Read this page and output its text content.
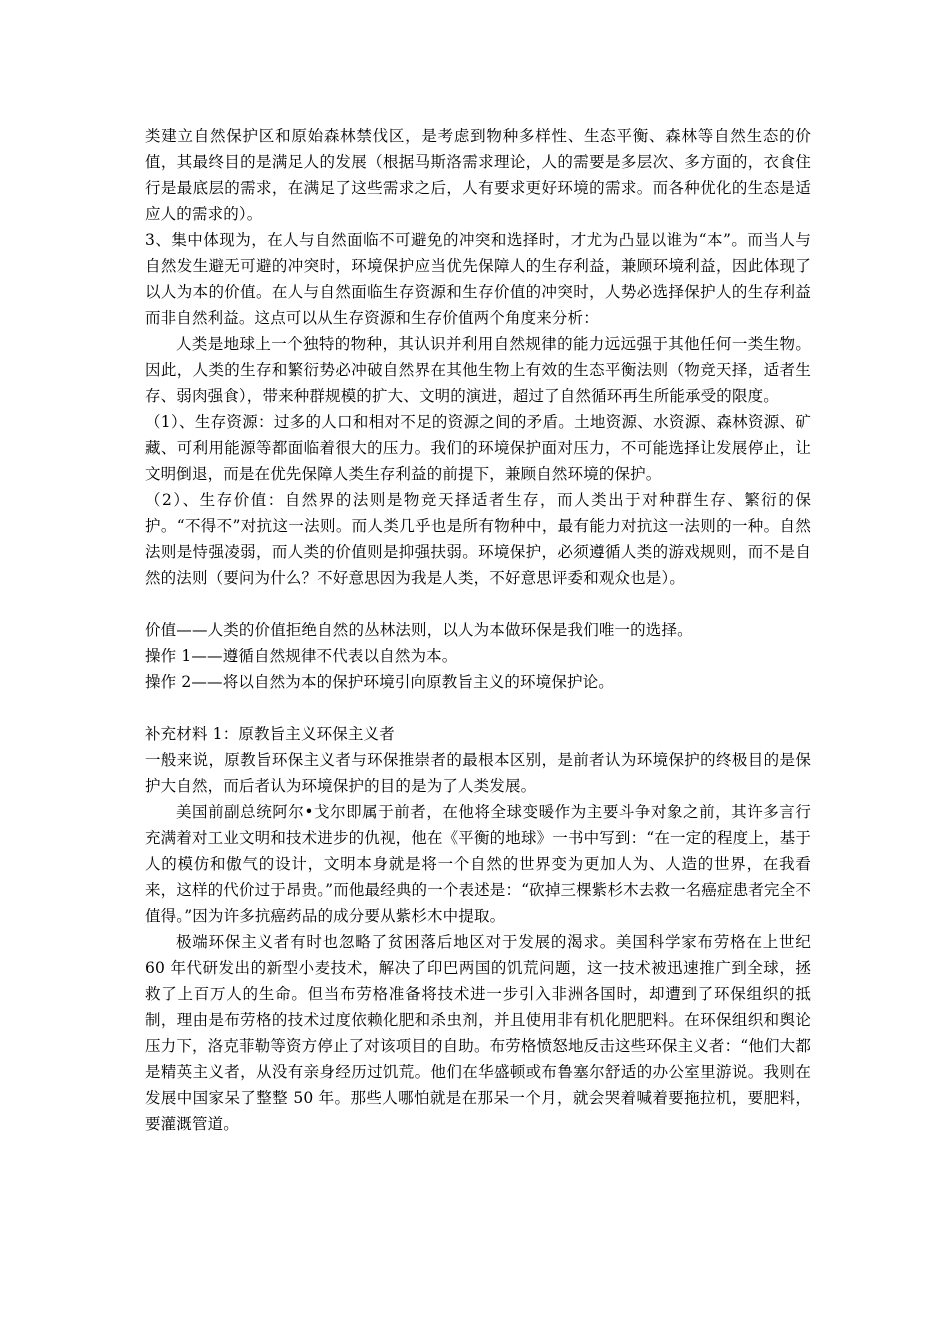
类建立自然保护区和原始森林禁伐区，是考虑到物种多样性、生态平衡、森林等自然生态的价值，其最终目的是满足人的发展（根据马斯洛需求理论，人的需要是多层次、多方面的，衣食住行是最底层的需求，在满足了这些需求之后，人有要求更好环境的需求。而各种优化的生态是适应人的需求的）。

3、集中体现为，在人与自然面临不可避免的冲突和选择时，才尤为凸显以谁为“本”。而当人与自然发生避无可避的冲突时，环境保护应当优先保障人的生存利益，兼顾环境利益，因此体现了以人为本的价值。在人与自然面临生存资源和生存价值的冲突时，人势必选择保护人的生存利益而非自然利益。这点可以从生存资源和生存价值两个角度来分析：

人类是地球上一个独特的物种，其认识并利用自然规律的能力远远强于其他任何一类生物。因此，人类的生存和繁衍势必冲破自然界在其他生物上有效的生态平衡法则（物竞天择，适者生存、弱肉强食），带来种群规模的扩大、文明的演进，超过了自然循环再生所能承受的限度。

（1）、生存资源：过多的人口和相对不足的资源之间的矛盾。土地资源、水资源、森林资源、矿藏、可利用能源等都面临着很大的压力。我们的环境保护面对压力，不可能选择让发展停止，让文明倒退，而是在优先保障人类生存利益的前提下，兼顾自然环境的保护。

（2）、生存价值：自然界的法则是物竞天择适者生存，而人类出于对种群生存、繁衍的保护。“不得不”对抗这一法则。而人类几乎也是所有物种中，最有能力对抗这一法则的一种。自然法则是恃强凌弱，而人类的价值则是抑强扶弱。环境保护，必须遵循人类的游戏规则，而不是自然的法则（要问为什么？不好意思因为我是人类，不好意思评委和观众也是）。

价值——人类的价值拒绝自然的丛林法则，以人为本做环保是我们唯一的选择。

操作 1——遵循自然规律不代表以自然为本。

操作 2——将以自然为本的保护环境引向原教旨主义的环境保护论。

补充材料 1：原教旨主义环保主义者

一般来说，原教旨环保主义者与环保推崇者的最根本区别，是前者认为环境保护的终极目的是保护大自然，而后者认为环境保护的目的是为了人类发展。

美国前副总统阿尔•戈尔即属于前者，在他将全球变暖作为主要斗争对象之前，其许多言行充满着对工业文明和技术进步的仇视，他在《平衡的地球》一书中写到：“在一定的程度上，基于人的模仿和傲气的设计，文明本身就是将一个自然的世界变为更加人为、人造的世界，在我看来，这样的代价过于昂贵。”而他最经典的一个表述是：“砍掉三棵紫杉木去救一名癌症患者完全不值得。”因为许多抗癌药品的成分要从紫杉木中提取。

极端环保主义者有时也忽略了贫困落后地区对于发展的渴求。美国科学家布劳格在上世纪 60 年代研发出的新型小麦技术，解决了印巴两国的饥荒问题，这一技术被迅速推广到全球，拯救了上百万人的生命。但当布劳格准备将技术进一步引入非洲各国时，却遭到了环保组织的抵制，理由是布劳格的技术过度依赖化肥和杀虫剂，并且使用非有机化肥肥料。在环保组织和舆论压力下，洛克菲勒等资方停止了对该项目的自助。布劳格愤怒地反击这些环保主义者：“他们大都是精英主义者，从没有亲身经历过饥荒。他们在华盛顿或布鲁塞尔舒适的办公室里游说。我则在发展中国家呆了整整 50 年。那些人哪怕就是在那呆一个月，就会哭着喊着要拖拉机，要肥料，要灌溉管道。
